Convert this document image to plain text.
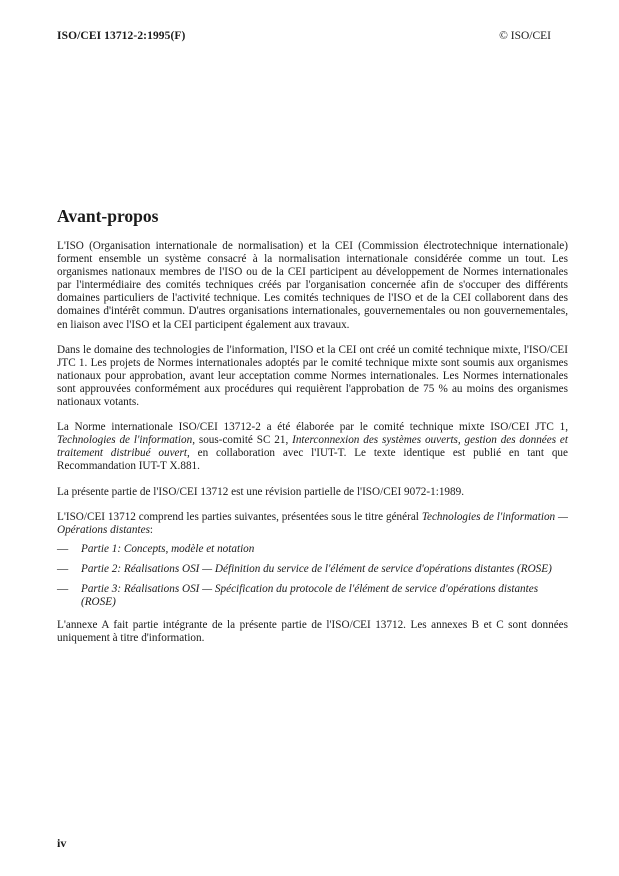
ISO/CEI 13712-2:1995(F)	© ISO/CEI
Avant-propos

L'ISO (Organisation internationale de normalisation) et la CEI (Commission électrotechnique internationale) forment ensemble un système consacré à la normalisation internationale considérée comme un tout. Les organismes nationaux membres de l'ISO ou de la CEI participent au développement de Normes internationales par l'intermédiaire des comités techniques créés par l'organisation concernée afin de s'occuper des différents domaines particuliers de l'activité technique. Les comités techniques de l'ISO et de la CEI collaborent dans des domaines d'intérêt commun. D'autres organisations internationales, gouvernementales ou non gouvernementales, en liaison avec l'ISO et la CEI participent également aux travaux.

Dans le domaine des technologies de l'information, l'ISO et la CEI ont créé un comité technique mixte, l'ISO/CEI JTC 1. Les projets de Normes internationales adoptés par le comité technique mixte sont soumis aux organismes nationaux pour approbation, avant leur acceptation comme Normes internationales. Les Normes internationales sont approuvées conformément aux procédures qui requièrent l'approbation de 75 % au moins des organismes nationaux votants.

La Norme internationale ISO/CEI 13712-2 a été élaborée par le comité technique mixte ISO/CEI JTC 1, Technologies de l'information, sous-comité SC 21, Interconnexion des systèmes ouverts, gestion des données et traitement distribué ouvert, en collaboration avec l'IUT-T. Le texte identique est publié en tant que Recommandation IUT-T X.881.

La présente partie de l'ISO/CEI 13712 est une révision partielle de l'ISO/CEI 9072-1:1989.

L'ISO/CEI 13712 comprend les parties suivantes, présentées sous le titre général Technologies de l'information — Opérations distantes:

—	Partie 1: Concepts, modèle et notation
—	Partie 2: Réalisations OSI — Définition du service de l'élément de service d'opérations distantes (ROSE)
—	Partie 3: Réalisations OSI — Spécification du protocole de l'élément de service d'opérations distantes (ROSE)

L'annexe A fait partie intégrante de la présente partie de l'ISO/CEI 13712. Les annexes B et C sont données uniquement à titre d'information.

iv
